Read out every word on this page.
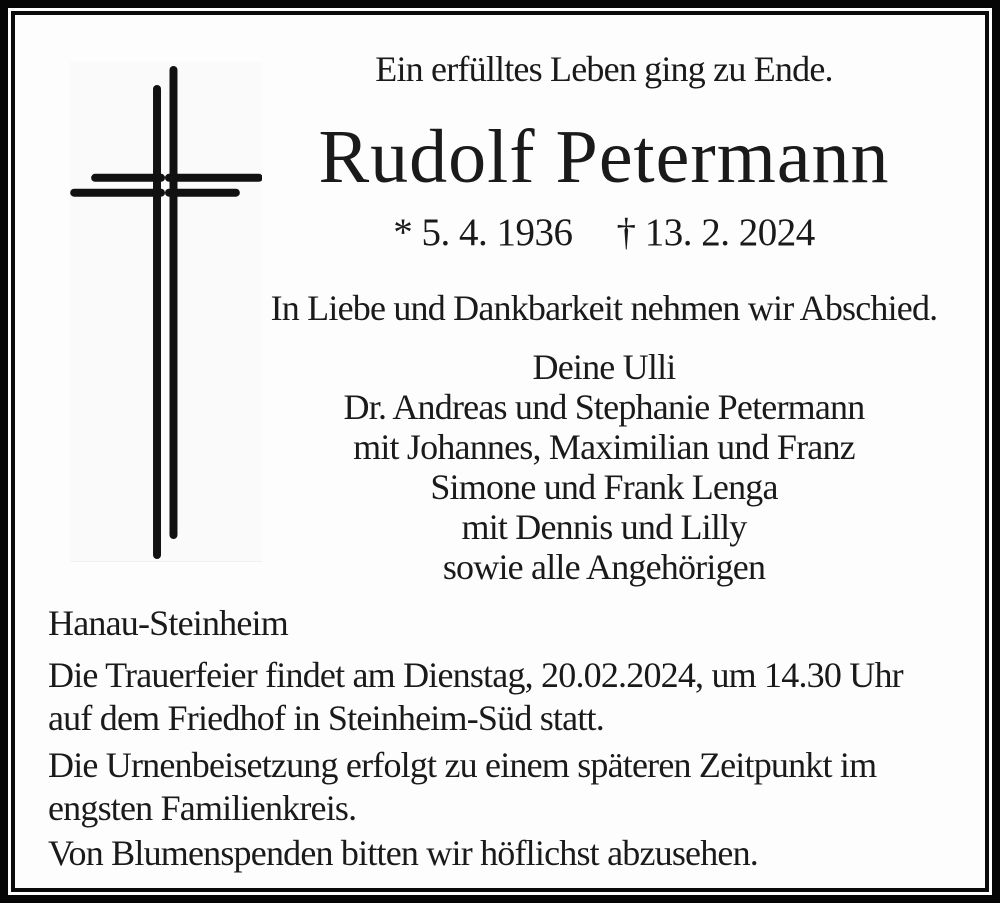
Ein erfülltes Leben ging zu Ende.
Rudolf Petermann
* 5. 4. 1936 † 13. 2. 2024
In Liebe und Dankbarkeit nehmen wir Abschied.
Deine Ulli
Dr. Andreas und Stephanie Petermann
mit Johannes, Maximilian und Franz
Simone und Frank Lenga
mit Dennis und Lilly
sowie alle Angehörigen
Hanau-Steinheim
Die Trauerfeier findet am Dienstag, 20.02.2024, um 14.30 Uhr auf dem Friedhof in Steinheim-Süd statt.
Die Urnenbeisetzung erfolgt zu einem späteren Zeitpunkt im engsten Familienkreis.
Von Blumenspenden bitten wir höflichst abzusehen.
